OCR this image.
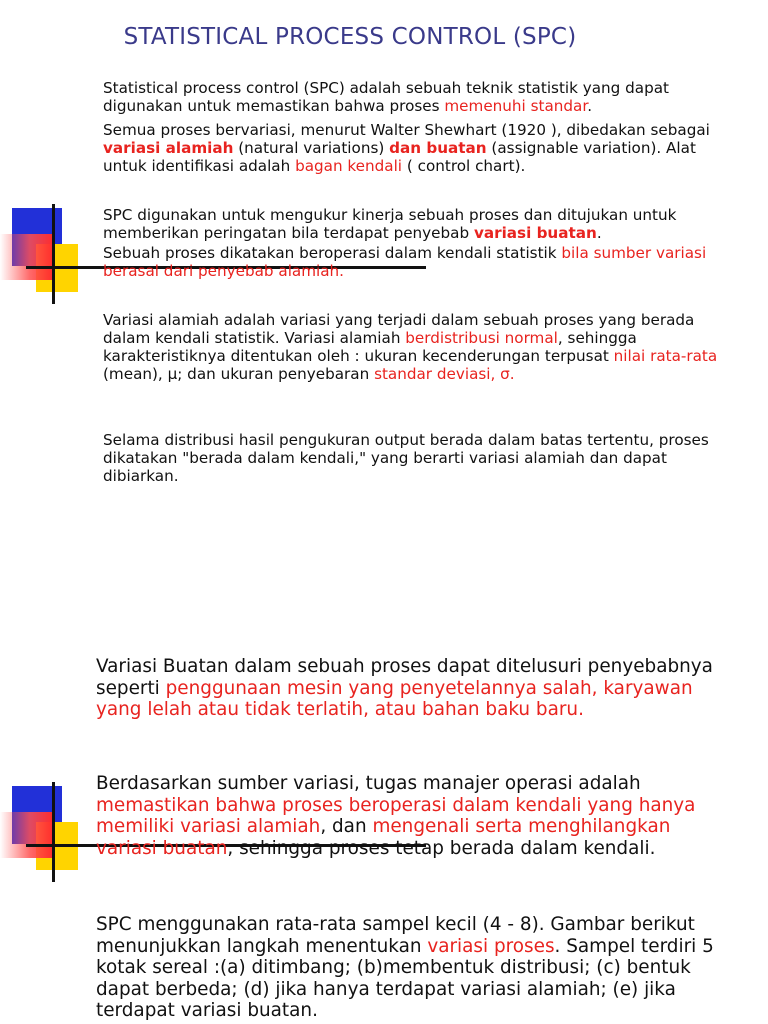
STATISTICAL PROCESS CONTROL (SPC)

Statistical process control (SPC) adalah sebuah teknik statistik yang dapat digunakan untuk memastikan bahwa proses memenuhi standar.

Semua proses bervariasi, menurut Walter Shewhart (1920 ), dibedakan sebagai variasi alamiah (natural variations) dan buatan (assignable variation). Alat untuk identifikasi adalah bagan kendali ( control chart).

SPC digunakan untuk mengukur kinerja sebuah proses dan ditujukan untuk memberikan peringatan bila terdapat penyebab variasi buatan.

Sebuah proses dikatakan beroperasi dalam kendali statistik bila sumber variasi berasal dari penyebab alamiah.

Variasi alamiah adalah variasi yang terjadi dalam sebuah proses yang berada dalam kendali statistik. Variasi alamiah berdistribusi normal, sehingga karakteristiknya ditentukan oleh : ukuran kecenderungan terpusat nilai rata-rata (mean), μ; dan ukuran penyebaran standar deviasi, σ.

Selama distribusi hasil pengukuran output berada dalam batas tertentu, proses dikatakan "berada dalam kendali," yang berarti variasi alamiah dan dapat dibiarkan.

Variasi Buatan dalam sebuah proses dapat ditelusuri penyebabnya seperti penggunaan mesin yang penyetelannya salah, karyawan yang lelah atau tidak terlatih, atau bahan baku baru.

Berdasarkan sumber variasi, tugas manajer operasi adalah memastikan bahwa proses beroperasi dalam kendali yang hanya memiliki variasi alamiah, dan mengenali serta menghilangkan variasi buatan, sehingga proses tetap berada dalam kendali.

SPC menggunakan rata-rata sampel kecil (4 - 8). Gambar berikut menunjukkan langkah menentukan variasi proses. Sampel terdiri 5 kotak sereal :(a) ditimbang; (b)membentuk distribusi; (c) bentuk dapat berbeda; (d) jika hanya terdapat variasi alamiah; (e) jika terdapat variasi buatan.
